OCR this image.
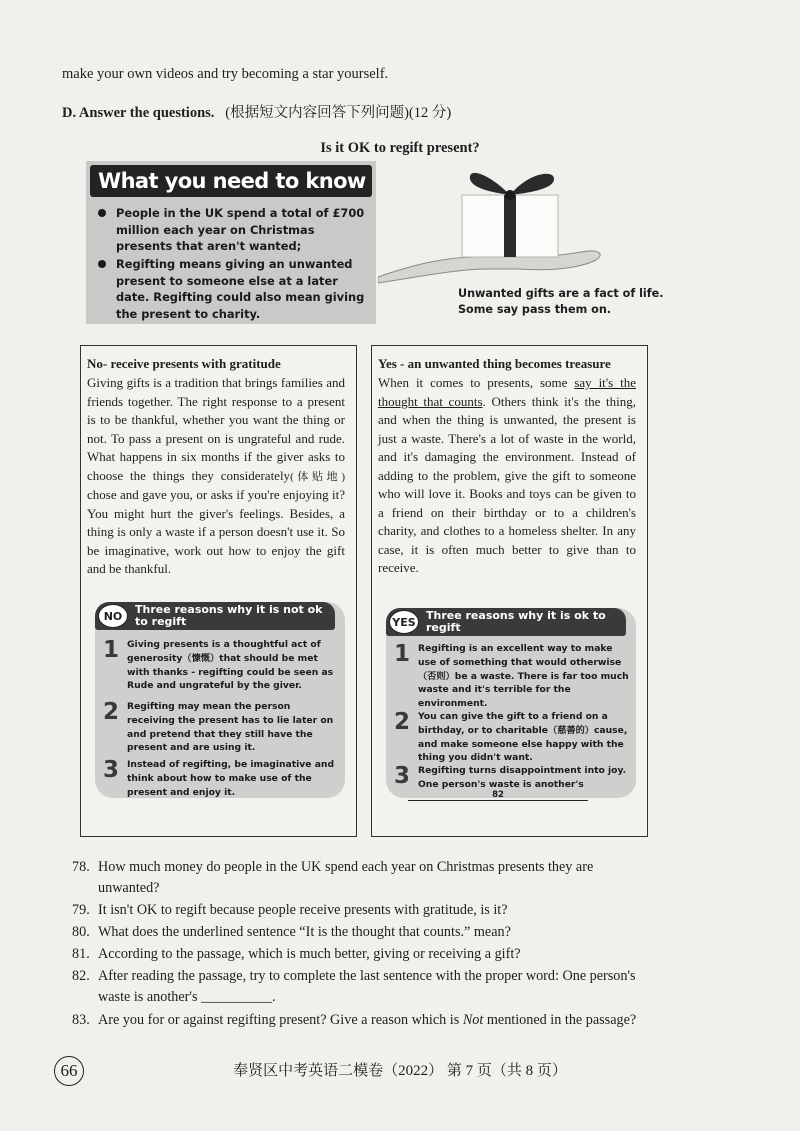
make your own videos and try becoming a star yourself.
D. Answer the questions. (根据短文内容回答下列问题)(12 分)
Is it OK to regift present?
What you need to know
People in the UK spend a total of £700 million each year on Christmas presents that aren't wanted;
Regifting means giving an unwanted present to someone else at a later date. Regifting could also mean giving the present to charity.
Unwanted gifts are a fact of life. Some say pass them on.
No- receive presents with gratitude
Giving gifts is a tradition that brings families and friends together. The right response to a present is to be thankful, whether you want the thing or not. To pass a present on is ungrateful and rude. What happens in six months if the giver asks to choose the things they considerately(体贴地) chose and gave you, or asks if you're enjoying it? You might hurt the giver's feelings. Besides, a thing is only a waste if a person doesn't use it. So be imaginative, work out how to enjoy the gift and be thankful.
NO
Three reasons why it is not ok to regift
1 Giving presents is a thoughtful act of generosity（慷慨）that should be met with thanks - regifting could be seen as Rude and ungrateful by the giver.
2 Regifting may mean the person receiving the present has to lie later on and pretend that they still have the present and are using it.
3 Instead of regifting, be imaginative and think about how to make use of the present and enjoy it.
Yes - an unwanted thing becomes treasure
When it comes to presents, some say it's the thought that counts. Others think it's the thing, and when the thing is unwanted, the present is just a waste. There's a lot of waste in the world, and it's damaging the environment. Instead of adding to the problem, give the gift to someone who will love it. Books and toys can be given to a friend on their birthday or to a children's charity, and clothes to a homeless shelter. In any case, it is often much better to give than to receive.
YES
Three reasons why it is ok to regift
1 Regifting is an excellent way to make use of something that would otherwise（否则）be a waste. There is far too much waste and it's terrible for the environment.
2 You can give the gift to a friend on a birthday, or to charitable（慈善的）cause, and make someone else happy with the thing you didn't want.
3 Regifting turns disappointment into joy. One person's waste is another's
82
78. How much money do people in the UK spend each year on Christmas presents they are
unwanted?
79. It isn't OK to regift because people receive presents with gratitude, is it?
80. What does the underlined sentence “It is the thought that counts.” mean?
81. According to the passage, which is much better, giving or receiving a gift?
82. After reading the passage, try to complete the last sentence with the proper word: One person's
waste is another's __________.
83. Are you for or against regifting present? Give a reason which is Not mentioned in the passage?
66	奉贤区中考英语二模卷（2022） 第 7 页（共 8 页）
